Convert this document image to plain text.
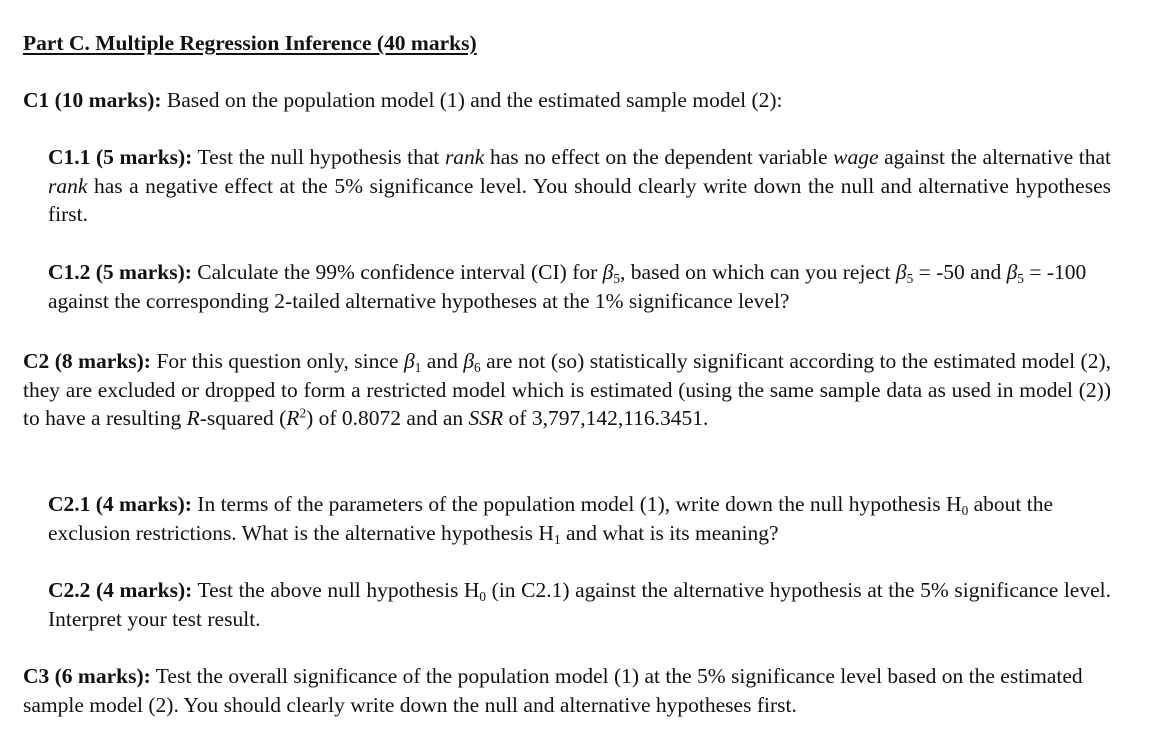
Part C. Multiple Regression Inference (40 marks)

C1 (10 marks): Based on the population model (1) and the estimated sample model (2):

C1.1 (5 marks): Test the null hypothesis that rank has no effect on the dependent variable wage against the alternative that rank has a negative effect at the 5% significance level. You should clearly write down the null and alternative hypotheses first.

C1.2 (5 marks): Calculate the 99% confidence interval (CI) for $\beta_5$, based on which can you reject $\beta_5 = -50$ and $\beta_5 = -100$ against the corresponding 2-tailed alternative hypotheses at the 1% significance level?

C2 (8 marks): For this question only, since $\beta_1$ and $\beta_6$ are not (so) statistically significant according to the estimated model (2), they are excluded or dropped to form a restricted model which is estimated (using the same sample data as used in model (2)) to have a resulting R-squared $(R^2)$ of 0.8072 and an SSR of 3,797,142,116.3451.

C2.1 (4 marks): In terms of the parameters of the population model (1), write down the null hypothesis $H_0$ about the exclusion restrictions. What is the alternative hypothesis $H_1$ and what is its meaning?

C2.2 (4 marks): Test the above null hypothesis $H_0$ (in C2.1) against the alternative hypothesis at the 5% significance level. Interpret your test result.

C3 (6 marks): Test the overall significance of the population model (1) at the 5% significance level based on the estimated sample model (2). You should clearly write down the null and alternative hypotheses first.
